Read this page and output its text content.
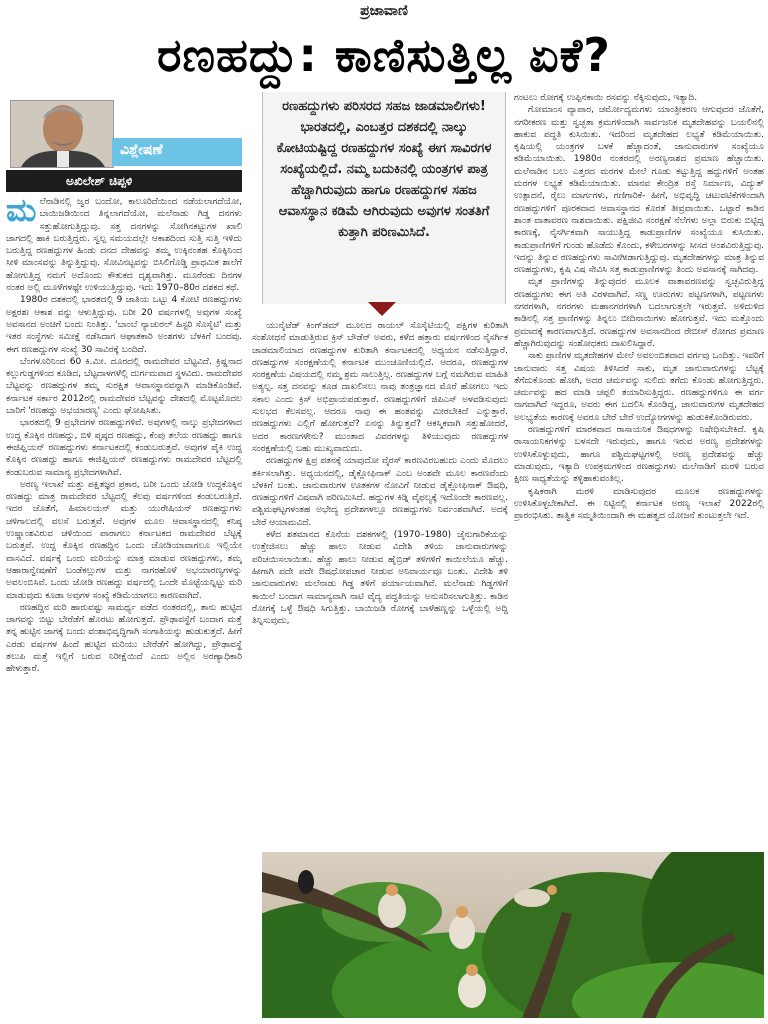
ಪ್ರಜಾವಾಣಿ
ರಣಹದ್ದು: ಕಾಣಿಸುತ್ತಿಲ್ಲ ಏಕೆ?
ವಿಶ್ಲೇಷಣೆ
ಅಖಿಲೇಶ್ ಚಿಪ್ಪಳಿ
ರಣಹದ್ದುಗಳು ಪರಿಸರದ ಸಹಜ ಜಾಡಮಾಲಿಗಳು! ಭಾರತದಲ್ಲಿ, ಎಂಬತ್ತರ ದಶಕದಲ್ಲಿ ನಾಲ್ಕು ಕೋಟಿಯಷ್ಟಿದ್ದ ರಣಹದ್ದುಗಳ ಸಂಖ್ಯೆ ಈಗ ಸಾವಿರಗಳ ಸಂಖ್ಯೆಯಲ್ಲಿದೆ. ನಮ್ಮ ಬದುಕಿನಲ್ಲಿ ಯಂತ್ರಗಳ ಪಾತ್ರ ಹೆಚ್ಚಾಗಿರುವುದು ಹಾಗೂ ರಣಹದ್ದುಗಳ ಸಹಜ ಆವಾಸಸ್ಥಾನ ಕಡಿಮೆ ಆಗಿರುವುದು ಅವುಗಳ ಸಂತತಿಗೆ ಕುತ್ತಾಗಿ ಪರಿಣಮಿಸಿದೆ.
ಮ ಲೆನಾಡಿನಲ್ಲಿ ಜ್ವರ ಬಂದೋ, ಕಾಲೂರಿದೆಯಿಂದ ನಡೆಯಲಾಗದೆಯೋ, ಬಾಯಿಜಡಿಯಿಂದ ತಿನ್ನಲಾಗದೆಯೋ, ಮಲೆನಾಡು ಗಿಡ್ಡ ದನಗಳು ಸತ್ತುಹೋಗುತ್ತಿದ್ದುವು. ಸತ್ತ ದನಗಳನ್ನು ಸೋಗಿನಕಟ್ಟುಗಳ ಖಾಲಿ ಜಾಗದಲ್ಲಿ ಹಾಕಿ ಬರುತ್ತಿದ್ದರು. ಸ್ವಲ್ಪ ಸಮಯದಲ್ಲೇ ಆಕಾಶದಿಂದ ಸುತ್ತಿ ಸುತ್ತಿ ಇಳಿದು ಬರುತ್ತಿದ್ದ ರಣಹದ್ದುಗಳ ಹಿಂಡು ದನದ ದೇಹವನ್ನು ತಮ್ಮ ಉಕ್ಕಿನಂತಹ ಕೊಕ್ಕಿನಿಂದ ಸೀಳಿ ಮಾಂಸವನ್ನು ತಿನ್ನುತ್ತಿದ್ದುವು. ಸೋವಿನಟ್ಟವನ್ನು ಬಿಸಿಲಿಗೊಡ್ಡಿ ಪ್ರಾಥಮಿಕ ಶಾಲೆಗೆ ಹೋಗುತ್ತಿದ್ದ ನಮಗೆ ಅದೊಂದು ಕೌತುಕದ ದೃಶ್ಯವಾಗಿತ್ತು. ಮೂರೆರಡು ದಿನಗಳ ನಂತರ ಅಲ್ಲಿ ಮೂಳೆಗಳಷ್ಟೇ ಉಳಿಯುತ್ತಿದ್ದುವು. ಇದು 1970–80ರ ದಶಕದ ಕಥೆ.

1980ರ ದಶಕದಲ್ಲಿ ಭಾರತದಲ್ಲಿ 9 ಜಾತಿಯ ಒಟ್ಟು 4 ಕೋಟಿ ರಣಹದ್ದುಗಳು ಅಕ್ಷರಶಃ ಆಕಾಶ ವನ್ನು ಆಳುತ್ತಿದ್ದುವು. ಬರೀ 20 ವರ್ಷಗಳಲ್ಲಿ ಅವುಗಳ ಸಂಖ್ಯೆ ಅವಸಾನದ ಅಂಚಿಗೆ ಬಂದು ನಿಂತಿತ್ತು. 'ಬಾಂಬೆ ನ್ಯಾಚುರಲ್ ಹಿಸ್ಟರಿ ಸೊಸೈಟಿ' ಮತ್ತು ಇತರ ಸಂಸ್ಥೆಗಳು ಸಮೀಕ್ಷೆ ನಡೆಸಿದಾಗ ಆಘಾತಕಾರಿ ಅಂಶಗಳು ಬೆಳಕಿಗೆ ಬಂದವು. ಈಗ ರಣಹದ್ದುಗಳ ಸಂಖ್ಯೆ 30 ಸಾವಿರಕ್ಕೆ ಬಂದಿದೆ.

ಬೆಂಗಳೂರಿನಿಂದ 60 ಕಿ.ಮೀ. ದೂರದಲ್ಲಿ ರಾಮದೇವರ ಬೆಟ್ಟವಿದೆ. ಕ್ರಿಷ್ಣನಾದ ಕಲ್ಲುಗುಡ್ಡಗಳಿಂದ ಕೂಡಿದ, ಬೆಟ್ಟದಾಳಗಳೆಲ್ಲಿ ದುರ್ಗಮವಾದ ಸ್ಥಳವಿದು. ರಾಮದೇವರ ಬೆಟ್ಟವನ್ನು ರಣಹದ್ದುಗಳ ತಮ್ಮ ಸುರಕ್ಷಿತ ಆವಾಸಸ್ಥಾನವನ್ನಾಗಿ ಮಾಡಿಕೊಂಡಿವೆ. ಕರ್ನಾಟಕ ಸರ್ಕಾರ 2012ರಲ್ಲಿ ರಾಮದೇವರ ಬೆಟ್ಟವನ್ನು ದೇಶದಲ್ಲಿ ಮೊಟ್ಟಮೊದಲ ಬಾರಿಗೆ 'ರಣಹದ್ದು ಅಭಯಾರಣ್ಯ' ಎಂದು ಘೋಷಿಸಿತು.

ಭಾರತದಲ್ಲಿ 9 ಪ್ರಭೇದಗಳ ರಣಹದ್ದುಗಳಿವೆ. ಅವುಗಳಲ್ಲಿ ನಾಲ್ಕು ಪ್ರಭೇದಗಳಾದ ಉದ್ದ ಕೊಕ್ಕಿನ ರಣಹದ್ದು, ಬಿಳಿ ಪೃಷ್ಠದ ರಣಹದ್ದು, ಕೆಂಪು ತಲೆಯ ರಣಹದ್ದು ಹಾಗೂ ಈಜಿಪ್ಷಿಯನ್ ರಣಹದ್ದುಗಳು ಕರ್ನಾಟಕದಲ್ಲಿ ಕಂಡುಬರುತ್ತವೆ. ಅವುಗಳ ಪೈಕಿ ಉದ್ದ ಕೊಕ್ಕಿನ ರಣಹದ್ದು ಹಾಗೂ ಈಜಿಪ್ಷಿಯನ್ ರಣಹದ್ದುಗಳು ರಾಮದೇವರ ಬೆಟ್ಟದಲ್ಲಿ ಕಂಡುಬರುವ ಸಾಮಾನ್ಯ ಪ್ರಭೇದಗಳಾಗಿವೆ.

ಅರಣ್ಯ ಇಲಾಖೆ ಮತ್ತು ಪಕ್ಷಿತಜ್ಞರ ಪ್ರಕಾರ, ಬರೀ ಒಂದು ಜೋಡಿ ಉದ್ದಕೊಕ್ಕಿನ ರಣಹದ್ದು ಮಾತ್ರ ರಾಮದೇವರ ಬೆಟ್ಟದಲ್ಲಿ ಕೆಲವು ವರ್ಷಗಳಿಂದ ಕಂಡುಬರುತ್ತಿದೆ. ಇದರ ಜೊತೆಗೆ, ಹಿಮಾಲಯನ್ ಮತ್ತು ಯುರೇಷಿಯನ್ ರಣಹದ್ದುಗಳು ಚಳಿಗಾಲದಲ್ಲಿ ವಲಸೆ ಬರುತ್ತವೆ. ಅವುಗಳ ಮೂಲ ಆವಾಸಸ್ಥಾನದಲ್ಲಿ ಕನಿಷ್ಠ ಉಷ್ಣಾಂಶವಿರುವ ಚಳಿಯಿಂದ ಪಾರಾಗಲು ಕರ್ನಾಟಕದ ರಾಮದೇವರ ಬೆಟ್ಟಕ್ಕೆ ಬರುತ್ತವೆ. ಉದ್ದ ಕೊಕ್ಕಿನ ರಣಹದ್ದಿನ ಒಂದು ಜೋಡಿಯಾವಾಗಲೂ ಇಲ್ಲಿಯೇ ವಾಸವಿದೆ. ವರ್ಷಕ್ಕೆ ಒಂದು ಮರಿಯನ್ನು ಮಾತ್ರ ಮಾಡುವ ರಣಹದ್ದುಗಳು, ತಮ್ಮ ಆಹಾರಾನ್ವೇಷಣೆಗೆ ಬಂಡೆಕಲ್ಲುಗಳ ಮತ್ತು ನಾಗರಹೊಳೆ ಅಭಯಾರಣ್ಯಗಳನ್ನು ಅವಲಂಬಿಸಿವೆ. ಒಂದು ಜೋಡಿ ರಣಹದ್ದು ವರ್ಷದಲ್ಲಿ ಒಂದೇ ಮೊಟ್ಟೆಯನ್ನಿಟ್ಟು ಮರಿ ಮಾಡುವುದು ಕೂಡಾ ಅವುಗಳ ಸಂಖ್ಯೆ ಕಡಿಮೆಯಾಗಲು ಕಾರಣವಾಗಿದೆ.

ರಣಹದ್ದಿನ ಮರಿ ಹಾರುವಷ್ಟು ಸಾಮರ್ಥ್ಯ ಪಡೆದ ನಂತರದಲ್ಲಿ, ತಾನು ಹುಟ್ಟಿದ ಜಾಗವನ್ನು ಬಿಟ್ಟು ಬೇರೆಡೆಗೆ ಹೊರಟು ಹೋಗುತ್ತದೆ. ಪ್ರೌಢಾವಸ್ಥೆಗೆ ಬಂದಾಗ ಮತ್ತೆ ತನ್ನ ಹುಟ್ಟಿನ ಜಾಗಕ್ಕೆ ಬಂದು ವಂಶಾಭಿವೃದ್ಧಿಗಾಗಿ ಸಂಗಾತಿಯನ್ನು ಹುಡುಕುತ್ತದೆ. ಹೀಗೆ ಎರಡು ವರ್ಷಗಳ ಹಿಂದೆ ಹುಟ್ಟಿದ ಮರಿಯು ಬೇರೆಡೆಗೆ ಹೋಗಿದ್ದು, ಪ್ರೌಢಾವಸ್ಥೆ ತಲುಪಿ ಮತ್ತೆ ಇಲ್ಲಿಗೆ ಬರುವ ನಿರೀಕ್ಷೆಯಿದೆ ಎಂದು ಅಲ್ಲಿನ ಅರಣ್ಯಾಧಿಕಾರಿ ಹೇಳುತ್ತಾರೆ.

ಯುನೈಟೆಡ್ ಕಿಂಗ್‌ಡಮ್ ಮೂಲದ ರಾಯಲ್ ಸೊಸೈಟಿಯಲ್ಲಿ ಪಕ್ಷಿಗಳ ಕುರಿತಾಗಿ ಸಂಶೋಧನೆ ಮಾಡುತ್ತಿರುವ ಕ್ರಿಸ್ ಬೌಡೆನ್ ಅವರು, ಕಳೆದ ಹತ್ತಾರು ವರ್ಷಗಳಿಂದ ನೈಸರ್ಗಿಕ ಜಾಡಮಾಲಿಯಾದ ರಣಹದ್ದುಗಳ ಕುರಿತಾಗಿ ಕರ್ನಾಟಕದಲ್ಲಿ ಅಧ್ಯಯನ ನಡೆಸುತ್ತಿದ್ದಾರೆ. ರಣಹದ್ದುಗಳ ಸಂರಕ್ಷಣೆಯಲ್ಲಿ ಕರ್ನಾಟಕ ಮುಂಚೂಣಿಯಲ್ಲಿದೆ. ಆದರೂ, ರಣಹದ್ದುಗಳ ಸಂರಕ್ಷಣೆಯ ವಿಷಯದಲ್ಲಿ ನಮ್ಮ ಶ್ರಮ ಸಾಲುತ್ತಿಲ್ಲ. ರಣಹದ್ದುಗಳ ಬಗ್ಗೆ ನಮಗಿರುವ ಮಾಹಿತಿ ಅತ್ಯಲ್ಪ. ಸತ್ತ ದನವನ್ನು ಕೂಡ ದಾಖಲಿಸಲು ನಾವು ತಂತ್ರಜ್ಞಾನದ ಮೊರೆ ಹೋಗಲು ಇದು ಸಕಾಲ ಎಂದು ಕ್ರಿಸ್ ಅಭಿಪ್ರಾಯಪಡುತ್ತಾರೆ. ರಣಹದ್ದುಗಳಿಗೆ ಜಿಪಿಎಸ್ ಅಳವಡಿಸುವುದು ಸುಲಭದ ಕೆಲಸವಲ್ಲ. ಆದರೂ ನಾವು ಈ ಹಂತವನ್ನು ಮೀರಬೇಕಿದೆ ಎನ್ನುತ್ತಾರೆ. ರಣಹದ್ದುಗಳು ಎಲ್ಲಿಗೆ ಹೋಗುತ್ತವೆ? ಏನನ್ನು ತಿನ್ನುತ್ತವೆ? ಆಕಸ್ಮಿಕವಾಗಿ ಸತ್ತುಹೋದರೆ, ಅದರ ಕಾರಣಗಳೇನು? ಮುಂತಾದ ವಿವರಗಳನ್ನು ತಿಳಿಯುವುದು ರಣಹದ್ದುಗಳ ಸಂರಕ್ಷಣೆಯಲ್ಲಿ ಬಹು ಮುಖ್ಯವಾದುದು.

ರಣಹದ್ದುಗಳ ಕ್ಷಿಪ್ರ ಪತನಕ್ಕೆ ಯಾವುದೋ ವೈರಸ್ ಕಾರಣವಿರಬಹುದು ಎಂದು ಮೊದಲು ತರ್ಕಿಸಲಾಗಿತ್ತು. ಅಧ್ಯಯನದಲ್ಲಿ, ಡೈಕ್ಲೋಫಿನಾಕ್ ಎಂಬ ಅಂಶವೇ ಮೂಲ ಕಾರಣವೆಂದು ಬೆಳಕಿಗೆ ಬಂತು. ಜಾನುವಾರುಗಳ ಊತಕಗಳ ನೋವಿಗೆ ನೀಡುವ ಡೈಕ್ಲೋಫಿನಾಕ್ ಔಷಧಿ, ರಣಹದ್ದುಗಳಿಗೆ ವಿಷವಾಗಿ ಪರಿಣಮಿಸಿದೆ. ಹದ್ದುಗಳ ಕಿಡ್ನಿ ವೈಫಲ್ಯಕ್ಕೆ ಇದೊಂದೇ ಕಾರಣವಲ್ಲ. ಪಶ್ಚಿಮಘಟ್ಟಗಳಂತಹ ಅಭೇದ್ಯ ಪ್ರದೇಶಗಳಲ್ಲೂ ರಣಹದ್ದುಗಳು ನಿರ್ವಂಶವಾಗಿವೆ. ಅದಕ್ಕೆ ಬೇರೆ ಆಯಾಮವಿದೆ.

ಕಳೆದ ಶತಮಾನದ ಕೊನೆಯ ದಶಕಗಳಲ್ಲಿ (1970–1980) ಜೈನುಗಾರಿಕೆಯನ್ನು ಉತ್ತೇಜಿಸಲು ಹೆಚ್ಚು ಹಾಲು ನೀಡುವ ವಿದೇಶಿ ತಳಿಯ ಜಾನುವಾರುಗಳನ್ನು ಪರಿಚಯಿಸಲಾಯಿತು. ಹೆಚ್ಚು ಹಾಲು ನೀಡುವ ಹೈಬ್ರಿಡ್ ತಳಿಗಳಿಗೆ ಕಾಯಿಲೆಯೂ ಹೆಚ್ಚು. ಹೀಗಾಗಿ ಪದೇ ಪದೇ ಔಷಧೋಪಚಾರ ನೀಡುವ ಅನಿವಾರ್ಯವೂ ಬಂತು. ವಿದೇಶಿ ತಳಿ ಜಾನುವಾರುಗಳು ಮಲೆನಾಡು ಗಿಡ್ಡ ತಳಿಗೆ ಪರ್ಯಾಯವಾಗಿವೆ. ಮಲೆನಾಡು ಗಿಡ್ಡಗಳಿಗೆ ಕಾಯಿಲೆ ಬಂದಾಗ ಸಾಮಾನ್ಯವಾಗಿ ನಾಟಿ ವೈದ್ಯ ಪದ್ಧತಿಯನ್ನು ಅನುಸರಿಸಲಾಗುತ್ತಿತ್ತು. ಕಾಡಿನ ರೋಗಕ್ಕೆ ಒಳ್ಳೆ ಔಷಧಿ ಸಿಗುತ್ತಿತ್ತು. ಬಾಯಿಜಡಿ ರೋಗಕ್ಕೆ ಬಾಳೆಹಣ್ಣನ್ನು ಒಳ್ಳೆಯಲ್ಲಿ ಅದ್ದಿ ತಿನ್ನಿಸುವುದು,

ಗಂಟಲು ರೋಗಕ್ಕೆ ಉಪ್ಪಿನಕಾಯಿ ರಸವನ್ನು ನೆಕ್ಕಿಸುವುದು, ಇತ್ಯಾದಿ.

ಗೋಮಾಂಸ ವ್ಯಾಪಾರ, ಚರ್ಮೋದ್ಯಮಗಳು ಯಾಂತ್ರೀಕರಣ ಆಗುವುದರ ಜೊತೆಗೆ, ನಗರೀಕರಣ ಮತ್ತು ಸ್ವಚ್ಛತಾ ಕ್ರಮಗಳಿಂದಾಗಿ ಸಾರ್ವಜನಿಕ ಮೃತದೇಹವನ್ನು ಬಯಲಿನಲ್ಲಿ ಹಾಕುವ ಪದ್ಧತಿ ಕುಸಿಯಿತು. ಇದರಿಂದ ಮೃತದೇಹದ ಲಭ್ಯತೆ ಕಡಿಮೆಯಾಯಿತು. ಕೃಷಿಯಲ್ಲಿ ಯಂತ್ರಗಳ ಬಳಕೆ ಹೆಚ್ಚಾದಂತೆ, ಜಾನುವಾರುಗಳ ಸಂಖ್ಯೆಯೂ ಕಡಿಮೆಯಾಯಿತು. 1980ರ ನಂತರದಲ್ಲಿ ಅರಣ್ಯನಾಶದ ಪ್ರಮಾಣ ಹೆಚ್ಚಾಯಿತು. ಮಲೆನಾಡಿನ ಬಲು ಎತ್ತರದ ಮರಗಳ ಮೇಲೆ ಗೂಡು ಕಟ್ಟುತ್ತಿದ್ದ ಹದ್ದುಗಳಿಗೆ ಅಂತಹ ಮರಗಳ ಲಭ್ಯತೆ ಕಡಿಮೆಯಾಯಿತು. ಮಾನವ ಕೇಂದ್ರಿತ ರಸ್ತೆ ನಿರ್ಮಾಣ, ವಿದ್ಯುತ್ ಉತ್ಪಾದನೆ, ರೈಲು ಮಾರ್ಗಗಳು, ಗಣಿಗಾರಿಕೆ- ಹೀಗೆ, ಅಭಿವೃದ್ಧಿ ಚಟುವಟಿಕೆಗಳಿಂದಾಗಿ ರಣಹದ್ದುಗಳಿಗೆ ಪೂರಕವಾದ ಆವಾಸಸ್ಥಾನದ ಕೊರತೆ ತೀವ್ರವಾಯಿತು. ಒಟ್ಟಾರೆ ಕಾಡಿನ ಶಾಂತ ವಾತಾವರಣ ನಾಶವಾಯಿತು. ಪಕ್ಷಿಜೀವಿ ಸಂರಕ್ಷಣೆ ನೆಲೆಗಳು ಅಲ್ಲಾ ಬಿರುಕು ಬಿಟ್ಟಿದ್ದ ಕಾರಣಕ್ಕೆ, ನೈಸರ್ಗಿಕವಾಗಿ ಸಾಯುತ್ತಿದ್ದ ಕಾಡುಪ್ರಾಣಿಗಳ ಸಂಖ್ಯೆಯೂ ಕುಸಿಯಿತು. ಕಾಡುಪ್ರಾಣಿಗಳಿಗೆ ಗುಂಡು ಹೊಡೆದು ಕೊಂದು, ಕಳೇಬರಗಳನ್ನು ಸೀಸದ ಅಂಶವಿರುತ್ತಿದ್ದುವು. ಇದನ್ನು ತಿನ್ನುವ ರಣಹದ್ದುಗಳು ಸಾವೀಗೀಡಾಗುತ್ತಿದ್ದುವು. ಮೃತದೇಹಗಳನ್ನು ಮಾತ್ರ ತಿನ್ನುವ ರಣಹದ್ದುಗಳು, ಕೃಷಿ ವಿಷ ಸೇವಿಸಿ ಸತ್ತ ಕಾಡುಪ್ರಾಣಿಗಳನ್ನು ತಿಂದು ಅವಸಾನಕ್ಕೆ ಸಾಗಿದವು.

ಮೃತ ಪ್ರಾಣಿಗಳನ್ನು ತಿನ್ನುವುದರ ಮೂಲಕ ವಾತಾವರಣವನ್ನು ಸ್ವಚ್ಛವಿರುತ್ತಿದ್ದ ರಣಹದ್ದುಗಳು ಈಗ ಅತಿ ವಿರಳವಾಗಿವೆ. ಸಣ್ಣ ಊರುಗಳು ಪಟ್ಟಣಗಳಾಗಿ, ಪಟ್ಟಣಗಳು ನಗರಗಳಾಗಿ, ನಗರಗಳು ಮಹಾನಗರಗಳಾಗಿ ಬದಲಾಗುತ್ತಲೇ ಇರುತ್ತವೆ. ಅಳಿದುಳಿದ ಕಾಡಿನಲ್ಲಿ ಸತ್ತ ಪ್ರಾಣಿಗಳನ್ನು ತಿನ್ನಲು ಬೀದಿನಾಯಿಗಳು ಹೋಗುತ್ತವೆ. ಇದು ಮತ್ತೊಂದು ಪ್ರಮಾದಕ್ಕೆ ಕಾರಣವಾಗುತ್ತಿದೆ. ರಣಹದ್ದುಗಳ ಅವಸಾನದಿಂದ ರೇಬೀಸ್ ರೋಗದ ಪ್ರಮಾಣ ಹೆಚ್ಚಾಗಿರುವುದನ್ನು ಸಂಶೋಧಕರು ದಾಖಲಿಸಿದ್ದಾರೆ.

ಸಾಕು ಪ್ರಾಣಿಗಳ ಮೃತದೇಹಗಳ ಮೇಲೆ ಅವಲಂಬಿತವಾದ ವರ್ಗವು ಒಂದಿತ್ತು. ಇವರಿಗೆ ಜಾನುವಾರು ಸತ್ತ ವಿಷಯ ತಿಳಿಸಿದರೆ ಸಾಕು, ಮೃತ ಜಾನುವಾರುಗಳನ್ನು ಬೆಟ್ಟಕ್ಕೆ ತೆಗೆದುಕೊಂಡು ಹೋಗಿ, ಅದರ ಚರ್ಮವನ್ನು ಸುಲಿದು ತಗೆದು ಕೊಂಡು ಹೋಗುತ್ತಿದ್ದರು. ಚರ್ಮವನ್ನು ಹದ ಮಾಡಿ ಚಪ್ಪಲಿ ತಯಾರಿಸುತ್ತಿದ್ದರು. ರಣಹದ್ದುಗಳಿಗೂ ಈ ವರ್ಗ ನಾಗವಾಗಿದೆ ಇದ್ದರೂ, ಅವರು ಈಗ ಬದಲಿಸಿ ಕೊಂಡಿದ್ದ, ಜಾನುವಾರುಗಳ ಮೃತದೇಹದ ಅಲಭ್ಯತೆಯ ಕಾರಣಕ್ಕೆ ಅವರೂ ಬೇರೆ ಬೇರೆ ಉದ್ಯೋಗಗಳನ್ನು ಹುಡುಕಿಕೊಂಡಿರುವರು.

ರಣಹದ್ದುಗಳಿಗೆ ಮಾರಕವಾದ ರಾಸಾಯನಿಕ ಔಷಧಗಳನ್ನು ನಿಷೇಧಿಸಬೇಕಿದೆ. ಕೃಷಿ ರಾಸಾಯನಿಕಗಳನ್ನು ಬಳಸದೇ ಇರುವುದು, ಹಾಗೂ ಇರುವ ಅರಣ್ಯ ಪ್ರದೇಶಗಳನ್ನು ಉಳಿಸಿಕೊಳ್ಳುವುದು, ಹಾಗೂ ಪಶ್ಚಿಮಘಟ್ಟಗಳಲ್ಲಿ ಅರಣ್ಯ ಪ್ರದೇಶವನ್ನು ಹೆಚ್ಚು ಮಾಡುವುದು, ಇತ್ಯಾದಿ ಉಪಕ್ರಮಗಳಿಂದ ರಣಹದ್ದುಗಳು ಮಲೆನಾಡಿಗೆ ಮರಳಿ ಬರುವ ಕ್ಷೀಣ ಸಾಧ್ಯತೆಯನ್ನು ತಳ್ಳಿಹಾಕುವಂತಿಲ್ಲ.

ಕೃಷಿಕರಾಗಿ ಮರಳಿ ಮಾಡಿಸುವುದರ ಮೂಲಕ ರಣಹದ್ದುಗಳನ್ನು ಉಳಿಸಿಕೊಳ್ಳಬೇಕಾಗಿದೆ. ಈ ನಿಟ್ಟಿನಲ್ಲಿ ಕರ್ನಾಟಕ ಅರಣ್ಯ ಇಲಾಖೆ 2022ರಲ್ಲಿ ಪ್ರಾರಂಭಿಸಿತು. ತಾತ್ವಿಕ ಸಮ್ಮತಿಯಿಂದಾಗಿ ಈ ಮಹತ್ವದ ಯೋಜನೆ ಕುಂಟುತ್ತಲೇ ಇದೆ.
